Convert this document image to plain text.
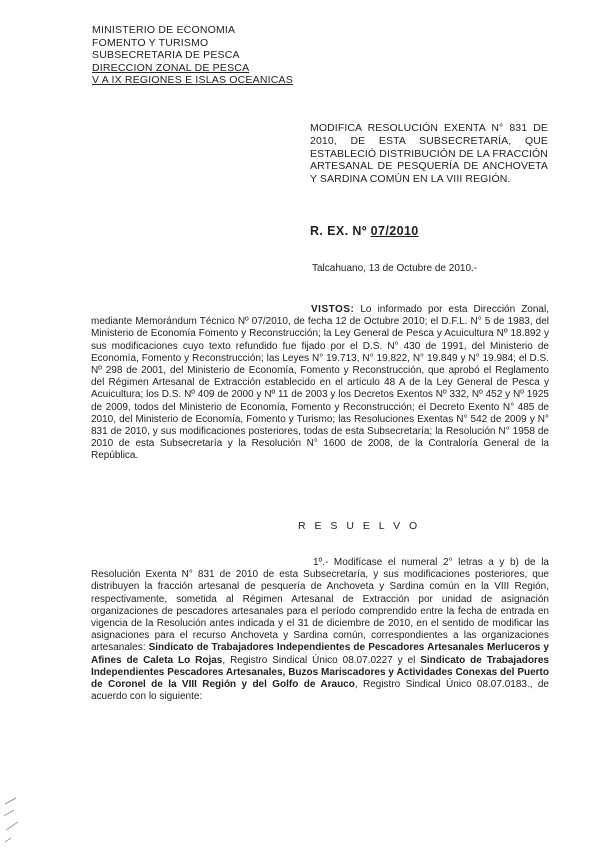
MINISTERIO DE ECONOMIA
FOMENTO Y TURISMO
SUBSECRETARIA DE PESCA
DIRECCION ZONAL DE PESCA
V A IX REGIONES E ISLAS OCEANICAS
MODIFICA RESOLUCIÓN EXENTA N° 831 DE 2010, DE ESTA SUBSECRETARÍA, QUE ESTABLECIÓ DISTRIBUCIÓN DE LA FRACCIÓN ARTESANAL DE PESQUERÍA DE ANCHOVETA Y SARDINA COMÚN EN LA VIII REGIÓN.
R. EX. Nº 07/2010
Talcahuano, 13 de Octubre de 2010.-
VISTOS: Lo informado por esta Dirección Zonal, mediante Memorándum Técnico Nº 07/2010, de fecha 12 de Octubre 2010; el D.F.L. N° 5 de 1983, del Ministerio de Economía Fomento y Reconstrucción; la Ley General de Pesca y Acuicultura Nº 18.892 y sus modificaciones cuyo texto refundido fue fijado por el D.S. N° 430 de 1991, del Ministerio de Economía, Fomento y Reconstrucción; las Leyes N° 19.713, N° 19.822, N° 19.849 y N° 19.984; el D.S. Nº 298 de 2001, del Ministerio de Economía, Fomento y Reconstrucción, que aprobó el Reglamento del Régimen Artesanal de Extracción establecido en el artículo 48 A de la Ley General de Pesca y Acuicultura; los D.S. Nº 409 de 2000 y Nº 11 de 2003 y los Decretos Exentos Nº 332, Nº 452 y Nº 1925 de 2009, todos del Ministerio de Economía, Fomento y Reconstrucción; el Decreto Exento N° 485 de 2010, del Ministerio de Economía, Fomento y Turismo; las Resoluciones Exentas N° 542 de 2009 y N° 831 de 2010, y sus modificaciones posteriores, todas de esta Subsecretaría; la Resolución N° 1958 de 2010 de esta Subsecretaría y la Resolución N° 1600 de 2008, de la Contraloría General de la República.
R E S U E L V O
1º.- Modifícase el numeral 2° letras a y b) de la Resolución Exenta N° 831 de 2010 de esta Subsecretaría, y sus modificaciones posteriores, que distribuyen la fracción artesanal de pesquería de Anchoveta y Sardina común en la VIII Región, respectivamente, sometida al Régimen Artesanal de Extracción por unidad de asignación organizaciones de pescadores artesanales para el período comprendido entre la fecha de entrada en vigencia de la Resolución antes indicada y el 31 de diciembre de 2010, en el sentido de modificar las asignaciones para el recurso Anchoveta y Sardina común, correspondientes a las organizaciones artesanales: Sindicato de Trabajadores Independientes de Pescadores Artesanales Merluceros y Afines de Caleta Lo Rojas, Registro Sindical Único 08.07.0227 y el Sindicato de Trabajadores Independientes Pescadores Artesanales, Buzos Mariscadores y Actividades Conexas del Puerto de Coronel de la VIII Región y del Golfo de Arauco, Registro Sindical Único 08.07.0183., de acuerdo con lo siguiente:
